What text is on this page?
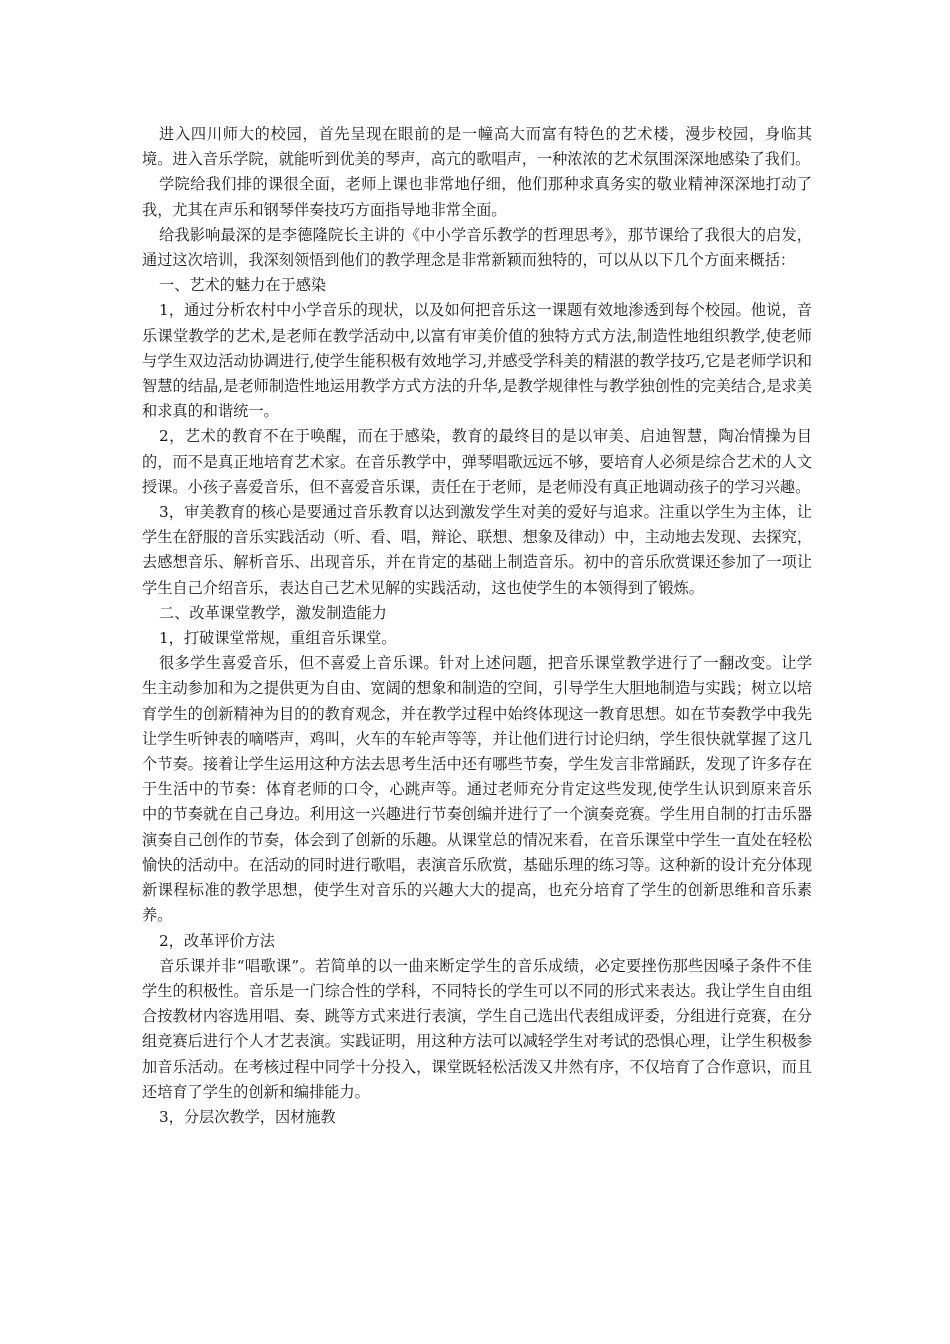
进入四川师大的校园，首先呈现在眼前的是一幢高大而富有特色的艺术楼，漫步校园，身临其境。进入音乐学院，就能听到优美的琴声，高亢的歌唱声，一种浓浓的艺术氛围深深地感染了我们。

学院给我们排的课很全面，老师上课也非常地仔细，他们那种求真务实的敬业精神深深地打动了我，尤其在声乐和钢琴伴奏技巧方面指导地非常全面。

给我影响最深的是李德隆院长主讲的《中小学音乐教学的哲理思考》，那节课给了我很大的启发，通过这次培训，我深刻领悟到他们的教学理念是非常新颖而独特的，可以从以下几个方面来概括：

一、艺术的魅力在于感染

1，通过分析农村中小学音乐的现状，以及如何把音乐这一课题有效地渗透到每个校园。他说，音乐课堂教学的艺术,是老师在教学活动中,以富有审美价值的独特方式方法,制造性地组织教学,使老师与学生双边活动协调进行,使学生能积极有效地学习,并感受学科美的精湛的教学技巧,它是老师学识和智慧的结晶,是老师制造性地运用教学方式方法的升华,是教学规律性与教学独创性的完美结合,是求美和求真的和谐统一。

2，艺术的教育不在于唤醒，而在于感染，教育的最终目的是以审美、启迪智慧，陶冶情操为目的，而不是真正地培育艺术家。在音乐教学中，弹琴唱歌远远不够，要培育人必须是综合艺术的人文授课。小孩子喜爱音乐，但不喜爱音乐课，责任在于老师，是老师没有真正地调动孩子的学习兴趣。

3，审美教育的核心是要通过音乐教育以达到激发学生对美的爱好与追求。注重以学生为主体，让学生在舒服的音乐实践活动（听、看、唱，辩论、联想、想象及律动）中，主动地去发现、去探究，去感想音乐、解析音乐、出现音乐，并在肯定的基础上制造音乐。初中的音乐欣赏课还参加了一项让学生自己介绍音乐，表达自己艺术见解的实践活动，这也使学生的本领得到了锻炼。

二、改革课堂教学，激发制造能力

1，打破课堂常规，重组音乐课堂。

很多学生喜爱音乐，但不喜爱上音乐课。针对上述问题，把音乐课堂教学进行了一翻改变。让学生主动参加和为之提供更为自由、宽阔的想象和制造的空间，引导学生大胆地制造与实践；树立以培育学生的创新精神为目的的教育观念，并在教学过程中始终体现这一教育思想。如在节奏教学中我先让学生听钟表的嘀嗒声，鸡叫，火车的车轮声等等，并让他们进行讨论归纳，学生很快就掌握了这几个节奏。接着让学生运用这种方法去思考生活中还有哪些节奏，学生发言非常踊跃，发现了许多存在于生活中的节奏：体育老师的口令，心跳声等。通过老师充分肯定这些发现,使学生认识到原来音乐中的节奏就在自己身边。利用这一兴趣进行节奏创编并进行了一个演奏竞赛。学生用自制的打击乐器演奏自己创作的节奏，体会到了创新的乐趣。从课堂总的情况来看，在音乐课堂中学生一直处在轻松愉快的活动中。在活动的同时进行歌唱，表演音乐欣赏，基础乐理的练习等。这种新的设计充分体现新课程标准的教学思想，使学生对音乐的兴趣大大的提高，也充分培育了学生的创新思维和音乐素养。

2，改革评价方法

音乐课并非“唱歌课”。若简单的以一曲来断定学生的音乐成绩，必定要挫伤那些因嗓子条件不佳学生的积极性。音乐是一门综合性的学科，不同特长的学生可以不同的形式来表达。我让学生自由组合按教材内容选用唱、奏、跳等方式来进行表演，学生自己选出代表组成评委，分组进行竞赛，在分组竞赛后进行个人才艺表演。实践证明，用这种方法可以减轻学生对考试的恐惧心理，让学生积极参加音乐活动。在考核过程中同学十分投入，课堂既轻松活泼又井然有序，不仅培育了合作意识，而且还培育了学生的创新和编排能力。

3，分层次教学，因材施教
